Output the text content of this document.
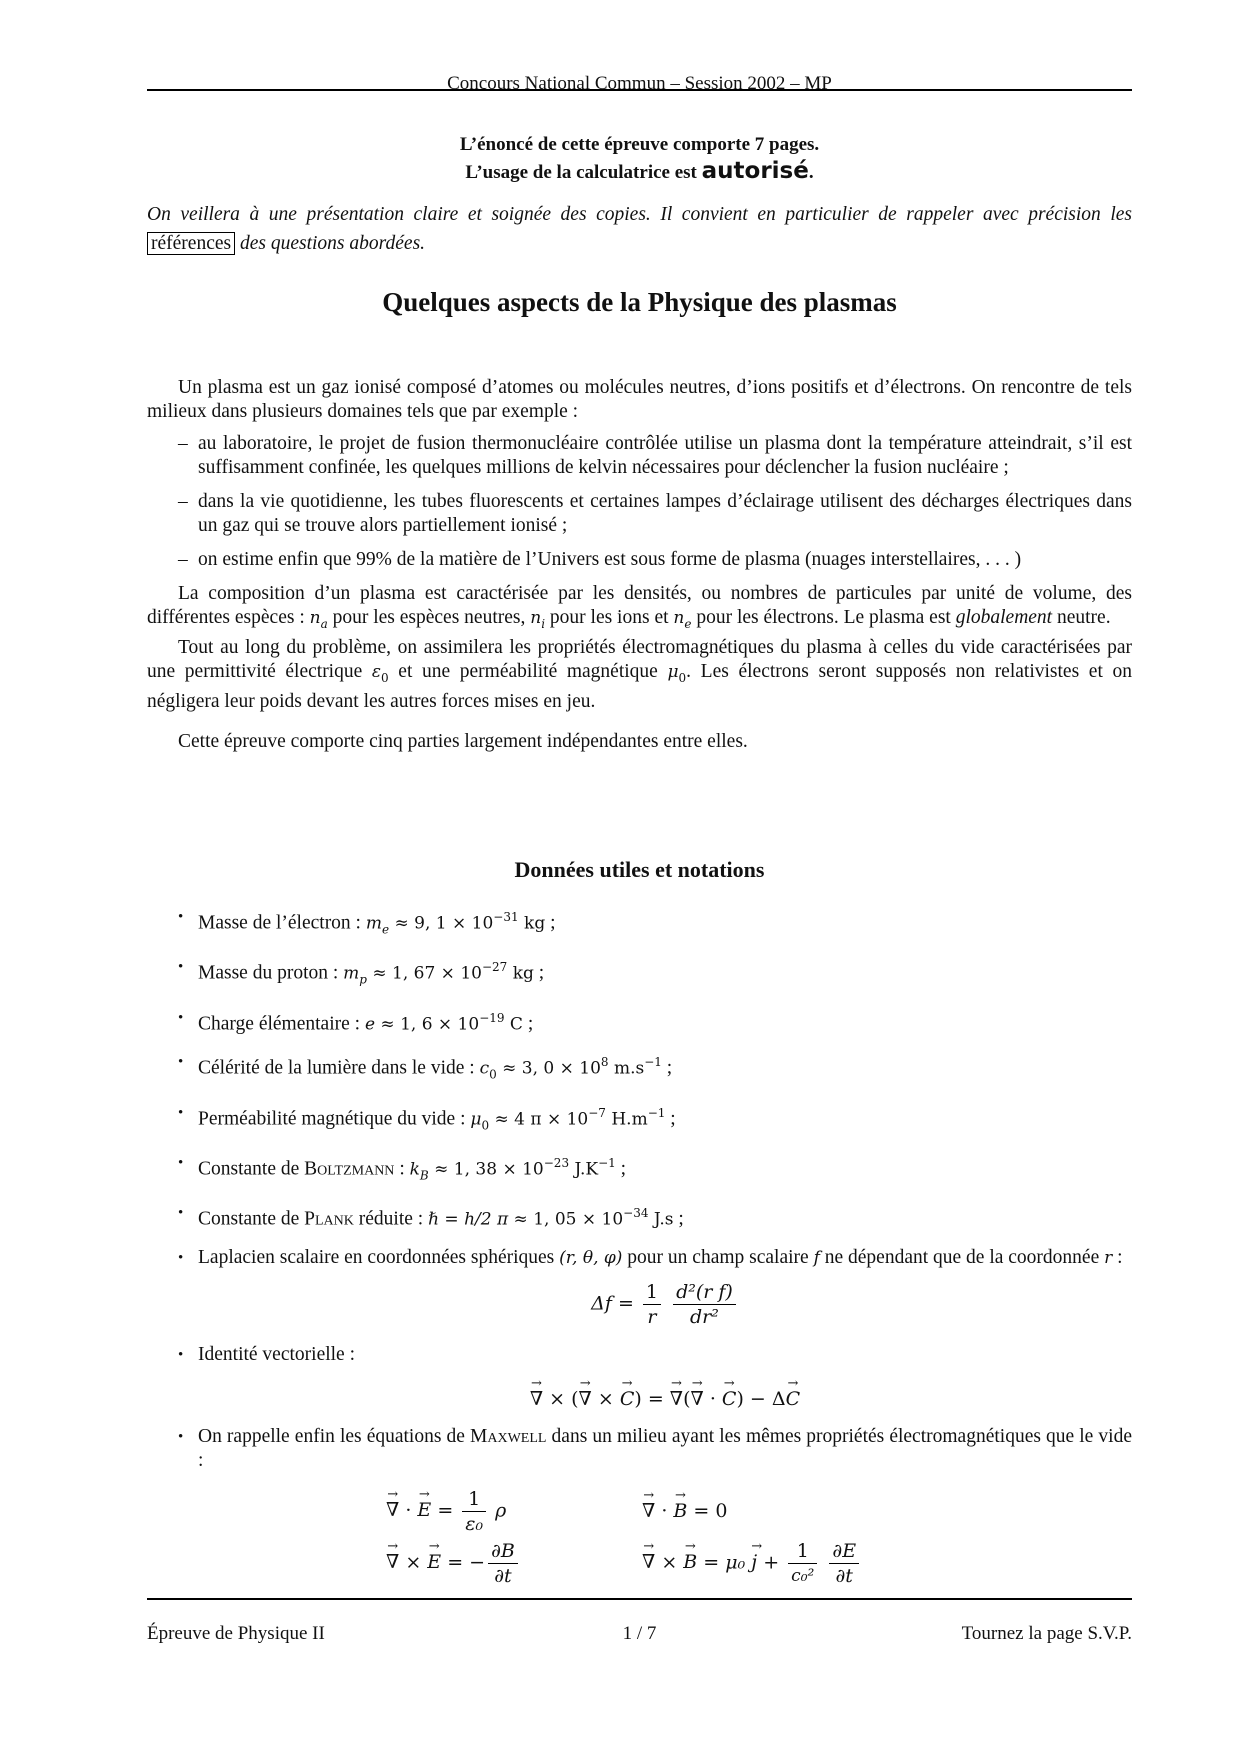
Concours National Commun – Session 2002 – MP
L’énoncé de cette épreuve comporte 7 pages.
L’usage de la calculatrice est autorisé.
On veillera à une présentation claire et soignée des copies. Il convient en particulier de rappeler avec précision les références des questions abordées.
Quelques aspects de la Physique des plasmas

Un plasma est un gaz ionisé composé d’atomes ou molécules neutres, d’ions positifs et d’électrons. On rencontre de tels milieux dans plusieurs domaines tels que par exemple :

– au laboratoire, le projet de fusion thermonucléaire contrôlée utilise un plasma dont la température atteindrait, s’il est suffisamment confinée, les quelques millions de kelvin nécessaires pour déclencher la fusion nucléaire ;
– dans la vie quotidienne, les tubes fluorescents et certaines lampes d’éclairage utilisent des décharges électriques dans un gaz qui se trouve alors partiellement ionisé ;
– on estime enfin que 99% de la matière de l’Univers est sous forme de plasma (nuages interstellaires, . . . )

La composition d’un plasma est caractérisée par les densités, ou nombres de particules par unité de volume, des différentes espèces : $n_a$ pour les espèces neutres, $n_i$ pour les ions et $n_e$ pour les électrons. Le plasma est globalement neutre.

Tout au long du problème, on assimilera les propriétés électromagnétiques du plasma à celles du vide caractérisées par une permittivité électrique $\varepsilon_0$ et une perméabilité magnétique $\mu_0$. Les électrons seront supposés non relativistes et on négligera leur poids devant les autres forces mises en jeu.

Cette épreuve comporte cinq parties largement indépendantes entre elles.

Données utiles et notations
• Masse de l’électron : $m_e \approx 9$, $1 \times 10^{-31}$ kg ;
• Masse du proton : $m_p \approx 1$, $67 \times 10^{-27}$ kg ;
• Charge élémentaire : e ≈ 1, $6 \times 10^{-19}$ C ;
• Célérité de la lumière dans le vide : $c_0 \approx 3$, $0 \times 10^8$ $m.s^{-1}$ ;
• Perméabilité magnétique du vide : $\mu_0 \approx 4$ $\pi \times 10^{-7}$ $H.m^{-1}$ ;
• Constante de Boltzmann : $k_B \approx 1$, $38 \times 10^{-23}$ $J.K^{-1}$ ;
• Constante de Plank réduite : ℏ = h/2 π ≈ 1, $05 \times 10^{-34}$ J.s ;
• Laplacien scalaire en coordonnées sphériques (r, θ, φ) pour un champ scalaire f ne dépendant que de la coordonnée r :
$\Delta f = \frac{1}{r}$
$\frac{\text{d²(r f)}}{\text{dr²}}$
• Identité vectorielle :
∇ → × (∇ → × C →) = ∇ →(∇ → · C →) − ΔC →
• On rappelle enfin les équations de Maxwell dans un milieu ayant les mêmes propriétés électromagnétiques que le vide :
∇ → · E → = $\frac{1}{\text{ε₀}}$ ρ	∇ → · B → = 0
∇ → × E → = − $\frac{\partial B}{\partial t}$	∇ → × B → = μ₀ j → + $\frac{1}{\text{c₀²}}$
$\frac{\partial E}{\partial t}$
Épreuve de Physique II	1 / 7	Tournez la page S.V.P.
